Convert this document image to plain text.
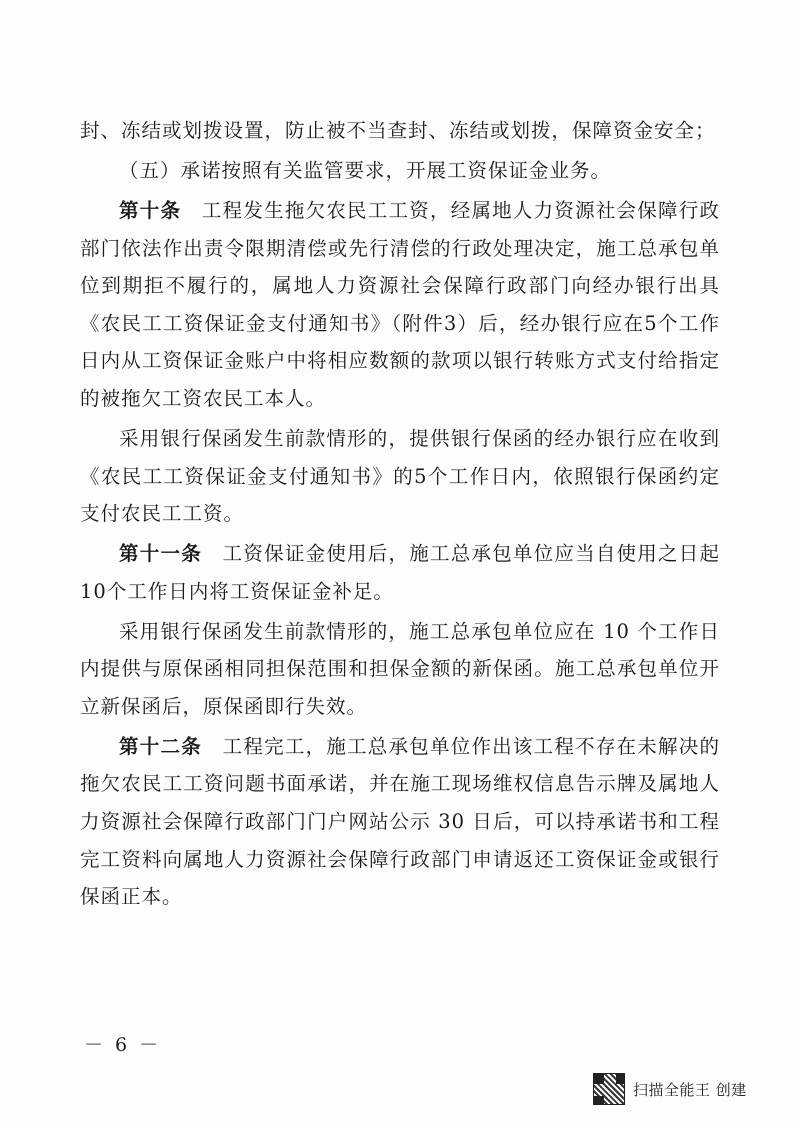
封、冻结或划拨设置，防止被不当查封、冻结或划拨，保障资金安全；

（五）承诺按照有关监管要求，开展工资保证金业务。

第十条　工程发生拖欠农民工工资，经属地人力资源社会保障行政部门依法作出责令限期清偿或先行清偿的行政处理决定，施工总承包单位到期拒不履行的，属地人力资源社会保障行政部门向经办银行出具《农民工工资保证金支付通知书》（附件3）后，经办银行应在5个工作日内从工资保证金账户中将相应数额的款项以银行转账方式支付给指定的被拖欠工资农民工本人。

采用银行保函发生前款情形的，提供银行保函的经办银行应在收到《农民工工资保证金支付通知书》的5个工作日内，依照银行保函约定支付农民工工资。

第十一条　工资保证金使用后，施工总承包单位应当自使用之日起10个工作日内将工资保证金补足。

采用银行保函发生前款情形的，施工总承包单位应在 10 个工作日内提供与原保函相同担保范围和担保金额的新保函。施工总承包单位开立新保函后，原保函即行失效。

第十二条　工程完工，施工总承包单位作出该工程不存在未解决的拖欠农民工工资问题书面承诺，并在施工现场维权信息告示牌及属地人力资源社会保障行政部门门户网站公示 30 日后，可以持承诺书和工程完工资料向属地人力资源社会保障行政部门申请返还工资保证金或银行保函正本。

－ 6 －
扫描全能王 创建
